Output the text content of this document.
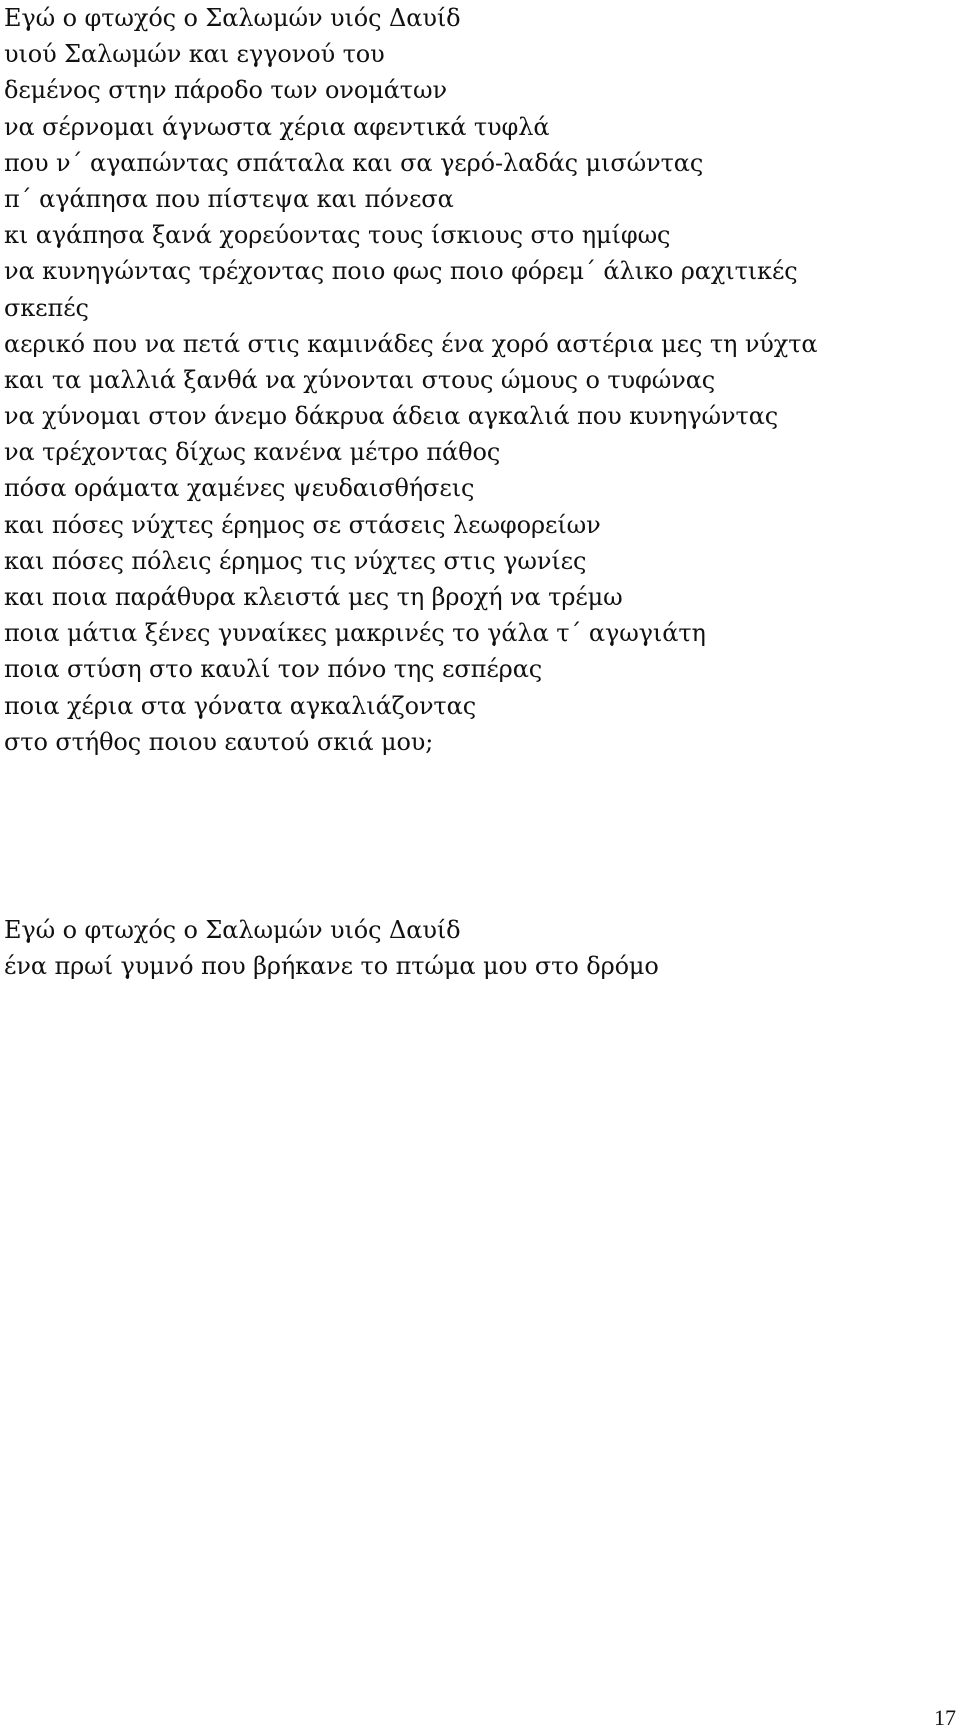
Εγώ ο φτωχός ο Σαλωμών υιός Δαυίδ
υιού Σαλωμών και εγγονού του
δεμένος στην πάροδο των ονομάτων
να σέρνομαι άγνωστα χέρια αφεντικά τυφλά
που ν΄ αγαπώντας σπάταλα και σα γερό-λαδάς μισώντας
π΄ αγάπησα που πίστεψα και πόνεσα
κι αγάπησα ξανά χορεύοντας τους ίσκιους στο ημίφως
να κυνηγώντας τρέχοντας ποιο φως ποιο φόρεμ΄ άλικο ραχιτικές
σκεπές
αερικό που να πετά στις καμινάδες ένα χορό αστέρια μες τη νύχτα
και τα μαλλιά ξανθά να χύνονται στους ώμους ο τυφώνας
να χύνομαι στον άνεμο δάκρυα άδεια αγκαλιά που κυνηγώντας
να τρέχοντας δίχως κανένα μέτρο πάθος
πόσα οράματα χαμένες ψευδαισθήσεις
και πόσες νύχτες έρημος σε στάσεις λεωφορείων
και πόσες πόλεις έρημος τις νύχτες στις γωνίες
και ποια παράθυρα κλειστά μες τη βροχή να τρέμω
ποια μάτια ξένες γυναίκες μακρινές το γάλα τ΄ αγωγιάτη
ποια στύση στο καυλί τον πόνο της εσπέρας
ποια χέρια στα γόνατα αγκαλιάζοντας
στο στήθος ποιου εαυτού σκιά μου;
Εγώ ο φτωχός ο Σαλωμών υιός Δαυίδ
ένα πρωί γυμνό που βρήκανε το πτώμα μου στο δρόμο
17
